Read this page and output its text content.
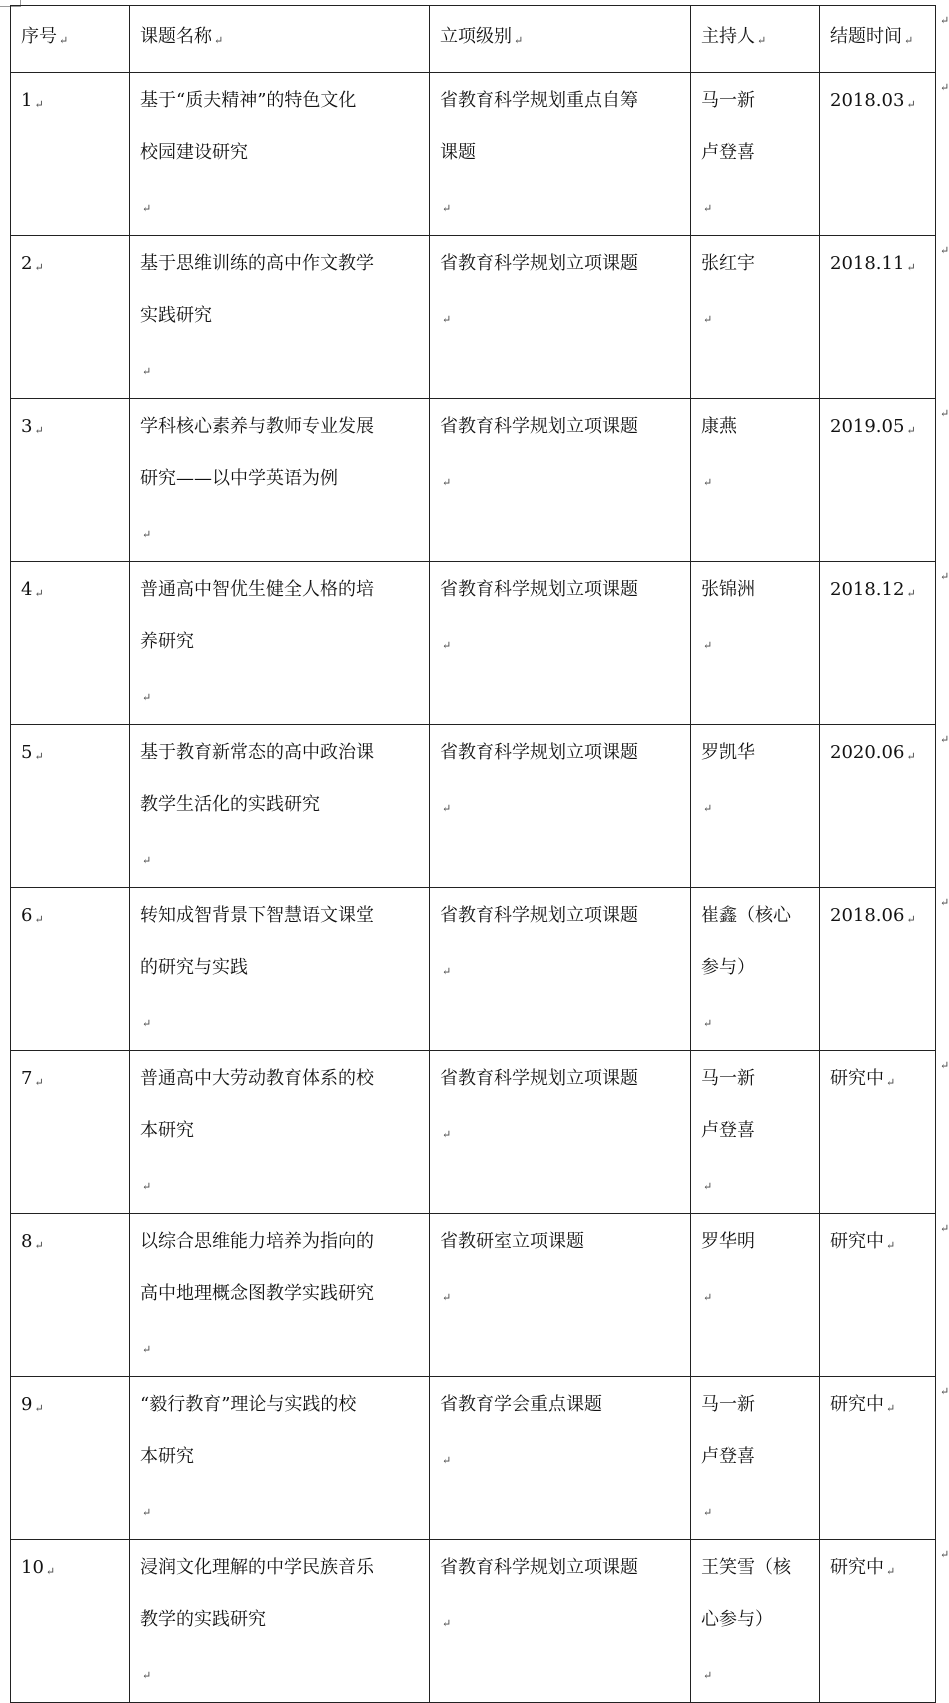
序号 ↵	课题名称 ↵	立项级别 ↵	主持人 ↵	结题时间 ↵
1 ↵	基于“质夫精神”的特色文化
校园建设研究
↵	省教育科学规划重点自筹
课题
↵	马一新
卢登喜
↵	2018.03 ↵
2 ↵	基于思维训练的高中作文教学
实践研究
↵	省教育科学规划立项课题
↵	张红宇
↵	2018.11 ↵
3 ↵	学科核心素养与教师专业发展
研究——以中学英语为例
↵	省教育科学规划立项课题
↵	康燕
↵	2019.05 ↵
4 ↵	普通高中智优生健全人格的培
养研究
↵	省教育科学规划立项课题
↵	张锦洲
↵	2018.12 ↵
5 ↵	基于教育新常态的高中政治课
教学生活化的实践研究
↵	省教育科学规划立项课题
↵	罗凯华
↵	2020.06 ↵
6 ↵	转知成智背景下智慧语文课堂
的研究与实践
↵	省教育科学规划立项课题
↵	崔鑫（核心
参与）
↵	2018.06 ↵
7 ↵	普通高中大劳动教育体系的校
本研究
↵	省教育科学规划立项课题
↵	马一新
卢登喜
↵	研究中 ↵
8 ↵	以综合思维能力培养为指向的
高中地理概念图教学实践研究
↵	省教研室立项课题
↵	罗华明
↵	研究中 ↵
9 ↵	“毅行教育”理论与实践的校
本研究
↵	省教育学会重点课题
↵	马一新
卢登喜
↵	研究中 ↵
10 ↵	浸润文化理解的中学民族音乐
教学的实践研究
↵	省教育科学规划立项课题
↵	王笑雪（核
心参与）
↵	研究中 ↵
↵
↵
↵
↵
↵
↵
↵
↵
↵
↵
↵
